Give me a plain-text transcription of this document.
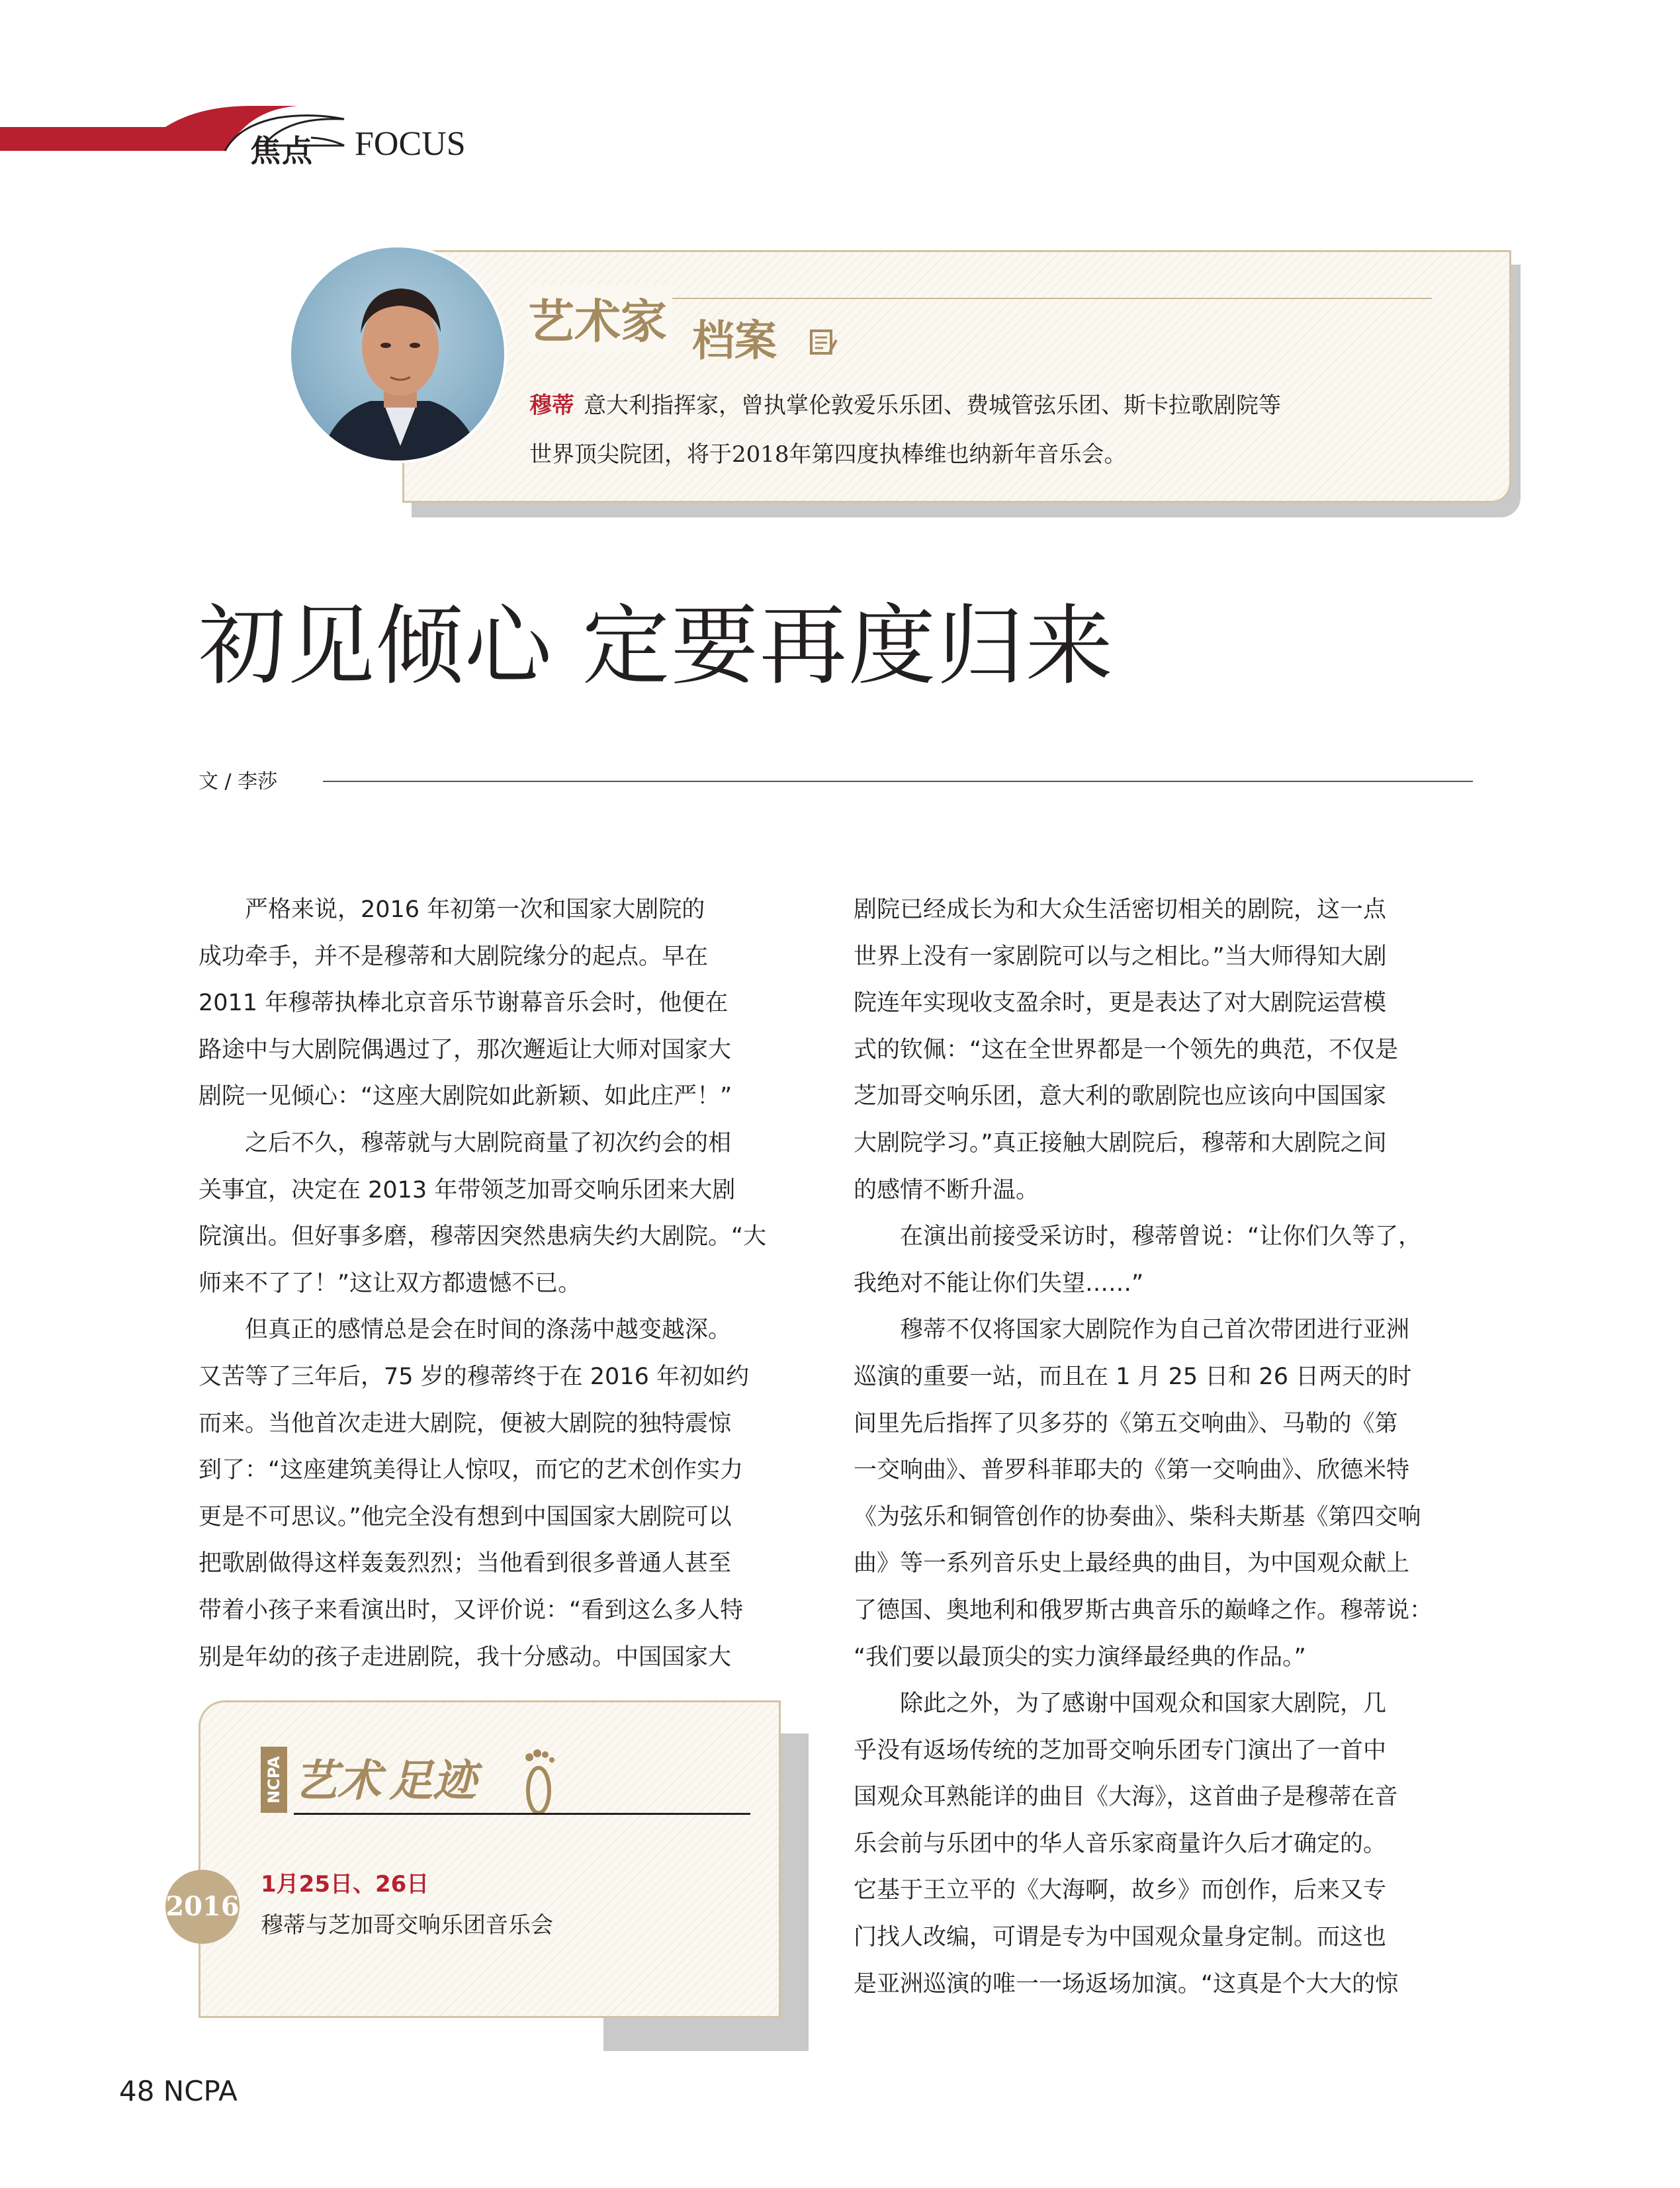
焦点 FOCUS
艺术家 档案
穆蒂 意大利指挥家，曾执掌伦敦爱乐乐团、费城管弦乐团、斯卡拉歌剧院等
世界顶尖院团，将于2018年第四度执棒维也纳新年音乐会。
初见倾心 定要再度归来
文 / 李莎
　　严格来说，2016 年初第一次和国家大剧院的
成功牵手，并不是穆蒂和大剧院缘分的起点。早在
2011 年穆蒂执棒北京音乐节谢幕音乐会时，他便在
路途中与大剧院偶遇过了，那次邂逅让大师对国家大
剧院一见倾心：“这座大剧院如此新颖、如此庄严！”
　　之后不久，穆蒂就与大剧院商量了初次约会的相
关事宜，决定在 2013 年带领芝加哥交响乐团来大剧
院演出。但好事多磨，穆蒂因突然患病失约大剧院。“大
师来不了了！”这让双方都遗憾不已。
　　但真正的感情总是会在时间的涤荡中越变越深。
又苦等了三年后，75 岁的穆蒂终于在 2016 年初如约
而来。当他首次走进大剧院，便被大剧院的独特震惊
到了：“这座建筑美得让人惊叹，而它的艺术创作实力
更是不可思议。”他完全没有想到中国国家大剧院可以
把歌剧做得这样轰轰烈烈；当他看到很多普通人甚至
带着小孩子来看演出时，又评价说：“看到这么多人特
别是年幼的孩子走进剧院，我十分感动。中国国家大
剧院已经成长为和大众生活密切相关的剧院，这一点
世界上没有一家剧院可以与之相比。”当大师得知大剧
院连年实现收支盈余时，更是表达了对大剧院运营模
式的钦佩：“这在全世界都是一个领先的典范，不仅是
芝加哥交响乐团，意大利的歌剧院也应该向中国国家
大剧院学习。”真正接触大剧院后，穆蒂和大剧院之间
的感情不断升温。
　　在演出前接受采访时，穆蒂曾说：“让你们久等了，
我绝对不能让你们失望……”
　　穆蒂不仅将国家大剧院作为自己首次带团进行亚洲
巡演的重要一站，而且在 1 月 25 日和 26 日两天的时
间里先后指挥了贝多芬的《第五交响曲》、马勒的《第
一交响曲》、普罗科菲耶夫的《第一交响曲》、欣德米特
《为弦乐和铜管创作的协奏曲》、柴科夫斯基《第四交响
曲》等一系列音乐史上最经典的曲目，为中国观众献上
了德国、奥地利和俄罗斯古典音乐的巅峰之作。穆蒂说：
“我们要以最顶尖的实力演绎最经典的作品。”
　　除此之外，为了感谢中国观众和国家大剧院，几
乎没有返场传统的芝加哥交响乐团专门演出了一首中
国观众耳熟能详的曲目《大海》，这首曲子是穆蒂在音
乐会前与乐团中的华人音乐家商量许久后才确定的。
它基于王立平的《大海啊，故乡》而创作，后来又专
门找人改编，可谓是专为中国观众量身定制。而这也
是亚洲巡演的唯一一场返场加演。“这真是个大大的惊
NCPA 艺术 足迹
2016
1月25日、26日
穆蒂与芝加哥交响乐团音乐会
48 NCPA
